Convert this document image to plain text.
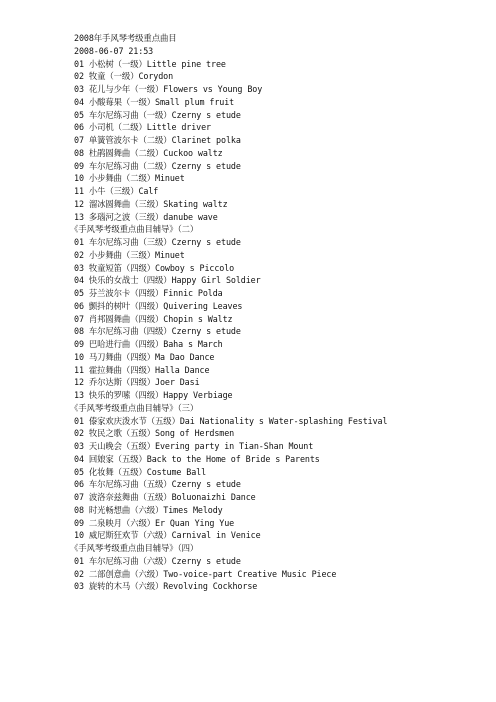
2008年手风琴考级重点曲目
2008-06-07 21:53
01 小松树（一级）Little pine tree
02 牧童（一级）Corydon
03 花儿与少年（一级）Flowers vs Young Boy
04 小酸莓果（一级）Small plum fruit
05 车尔尼练习曲（一级）Czerny s etude
06 小司机（二级）Little driver
07 单簧管波尔卡（二级）Clarinet polka
08 杜鹃圆舞曲（二级）Cuckoo waltz
09 车尔尼练习曲（二级）Czerny s etude
10 小步舞曲（二级）Minuet
11 小牛（三级）Calf
12 溜冰圆舞曲（三级）Skating waltz
13 多瑙河之波（三级）danube wave
《手风琴考级重点曲目辅导》（二）
01 车尔尼练习曲（三级）Czerny s etude
02 小步舞曲（三级）Minuet
03 牧童短笛（四级）Cowboy s Piccolo
04 快乐的女战士（四级）Happy Girl Soldier
05 芬兰波尔卡（四级）Finnic Polda
06 颤抖的树叶（四级）Quivering Leaves
07 肖邦圆舞曲（四级）Chopin s Waltz
08 车尔尼练习曲（四级）Czerny s etude
09 巴哈进行曲（四级）Baha s March
10 马刀舞曲（四级）Ma Dao Dance
11 霍拉舞曲（四级）Halla Dance
12 乔尔达斯（四级）Joer Dasi
13 快乐的罗嗦（四级）Happy Verbiage
《手风琴考级重点曲目辅导》（三）
01 傣家欢庆泼水节（五级）Dai Nationality s Water-splashing Festival
02 牧民之歌（五级）Song of Herdsmen
03 天山晚会（五级）Evering party in Tian-Shan Mount
04 回娘家（五级）Back to the Home of Bride s Parents
05 化妆舞（五级）Costume Ball
06 车尔尼练习曲（五级）Czerny s etude
07 波洛奈兹舞曲（五级）Boluonaizhi Dance
08 时光畅想曲（六级）Times Melody
09 二泉映月（六级）Er Quan Ying Yue
10 威尼斯狂欢节（六级）Carnival in Venice
《手风琴考级重点曲目辅导》（四）
01 车尔尼练习曲（六级）Czerny s etude
02 二部创意曲（六级）Two-voice-part Creative Music Piece
03 旋转的木马（六级）Revolving Cockhorse
